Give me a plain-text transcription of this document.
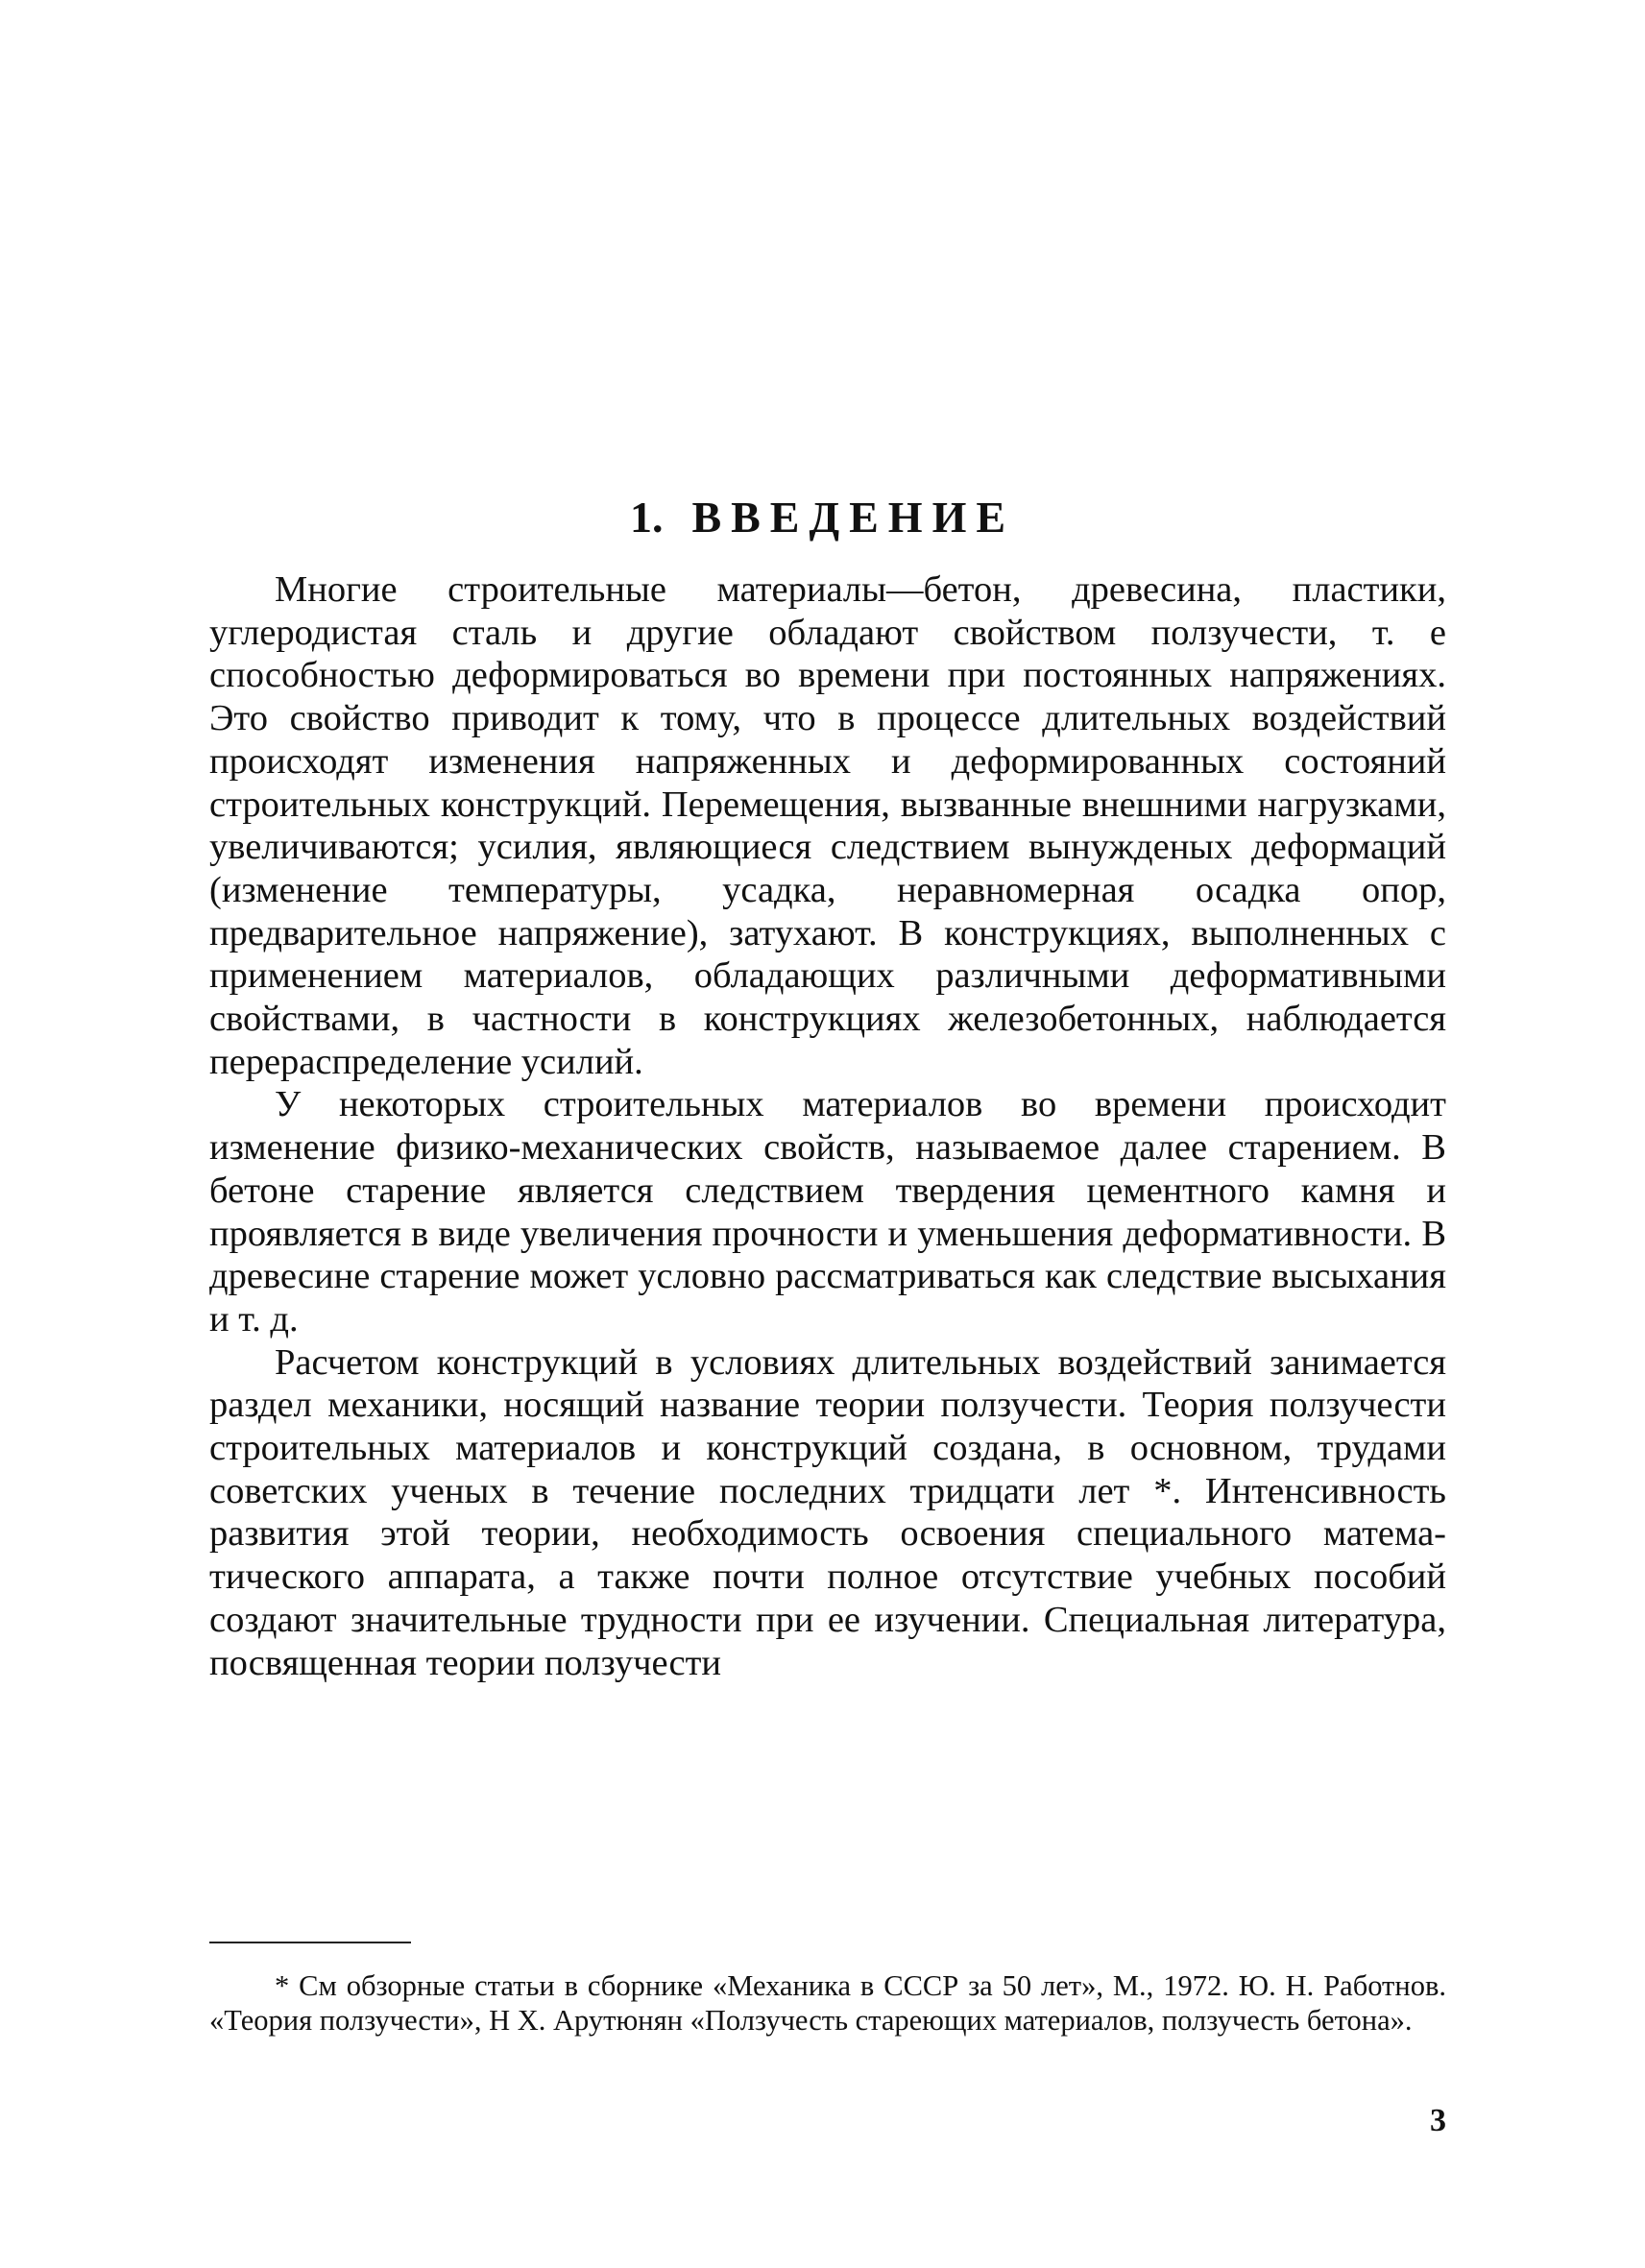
1. ВВЕДЕНИЕ

Многие строительные материалы—бетон, древесина, пластики, углеродистая сталь и другие обладают свойством ползучести, т. е способностью деформироваться во времени при постоянных напряжениях. Это свойство приводит к тому, что в процессе длительных воздействий происходят изменения напряженных и деформированных состояний строительных конструкций. Перемещения, вызванные внешними нагрузками, увеличиваются; усилия, являющиеся следствием вынужденых деформаций (изменение температуры, усадка, неравномерная осадка опор, предварительное напряжение), затухают. В конструкциях, выполненных с применением материалов, обладающих различными деформативными свойствами, в частности в конструкциях железобетонных, наблюдается перераспределение усилий.

У некоторых строительных материалов во времени происходит изменение физико-механических свойств, называемое далее старением. В бетоне старение является следствием твердения цементного камня и проявляется в виде увеличения прочности и уменьшения деформативности. В древесине старение может условно рассматриваться как следствие высыхания и т. д.

Расчетом конструкций в условиях длительных воздействий занимается раздел механики, носящий название теории ползучести. Теория ползучести строительных материалов и конструкций создана, в основном, трудами советских ученых в течение последних тридцати лет *. Интенсивность развития этой теории, необходимость освоения специального математического аппарата, а также почти полное отсутствие учебных пособий создают значительные трудности при ее изучении. Специальная литература, посвященная теории ползучести

* См обзорные статьи в сборнике «Механика в СССР за 50 лет», М., 1972. Ю. Н. Работнов. «Теория ползучести», Н Х. Арутюнян «Ползучесть стареющих материалов, ползучесть бетона».

3
